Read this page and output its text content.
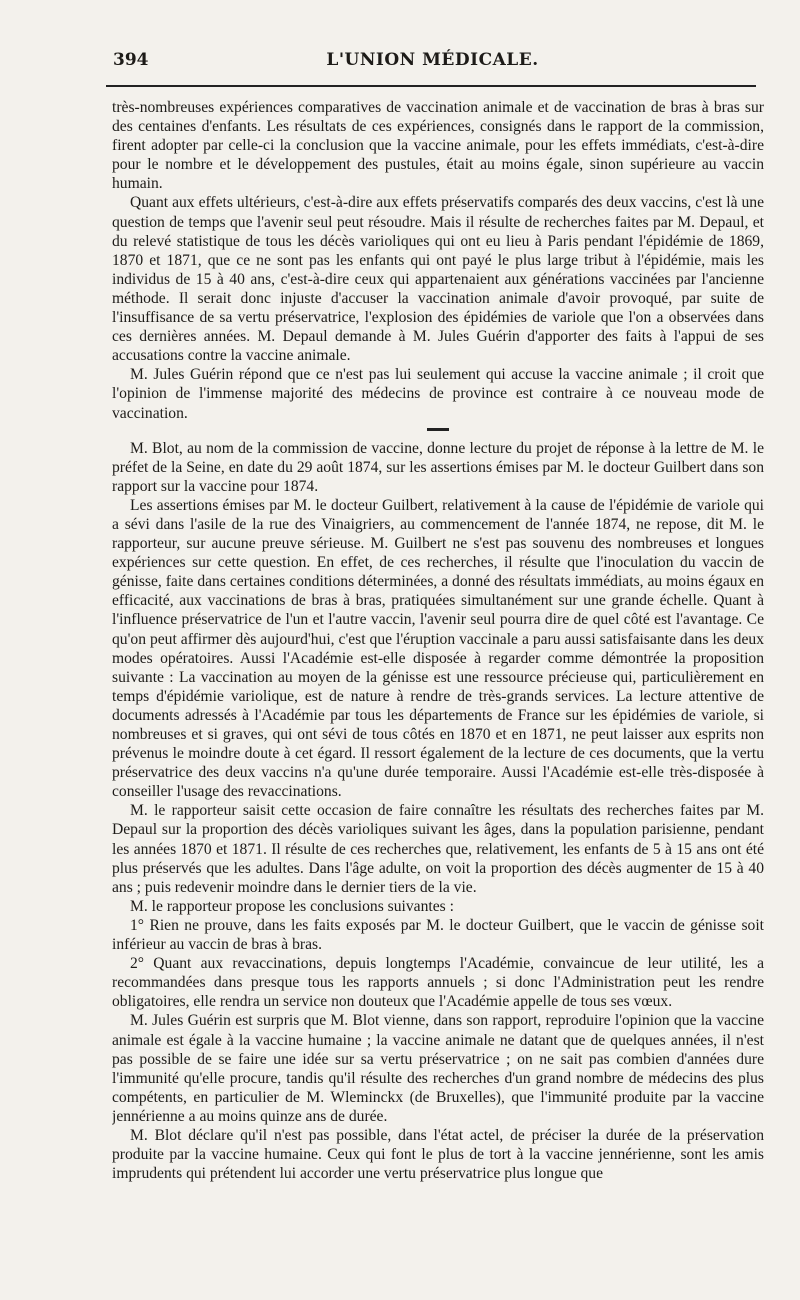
394	L'UNION MÉDICALE.

très-nombreuses expériences comparatives de vaccination animale et de vaccination de bras à bras sur des centaines d'enfants. Les résultats de ces expériences, consignés dans le rapport de la commission, firent adopter par celle-ci la conclusion que la vaccine animale, pour les effets immédiats, c'est-à-dire pour le nombre et le développement des pustules, était au moins égale, sinon supérieure au vaccin humain.

Quant aux effets ultérieurs, c'est-à-dire aux effets préservatifs comparés des deux vaccins, c'est là une question de temps que l'avenir seul peut résoudre. Mais il résulte de recherches faites par M. Depaul, et du relevé statistique de tous les décès varioliques qui ont eu lieu à Paris pendant l'épidémie de 1869, 1870 et 1871, que ce ne sont pas les enfants qui ont payé le plus large tribut à l'épidémie, mais les individus de 15 à 40 ans, c'est-à-dire ceux qui appartenaient aux générations vaccinées par l'ancienne méthode. Il serait donc injuste d'accuser la vaccination animale d'avoir provoqué, par suite de l'insuffisance de sa vertu préservatrice, l'explosion des épidémies de variole que l'on a observées dans ces dernières années. M. Depaul demande à M. Jules Guérin d'apporter des faits à l'appui de ses accusations contre la vaccine animale.

M. Jules Guérin répond que ce n'est pas lui seulement qui accuse la vaccine animale ; il croit que l'opinion de l'immense majorité des médecins de province est contraire à ce nouveau mode de vaccination.

M. Blot, au nom de la commission de vaccine, donne lecture du projet de réponse à la lettre de M. le préfet de la Seine, en date du 29 août 1874, sur les assertions émises par M. le docteur Guilbert dans son rapport sur la vaccine pour 1874.

Les assertions émises par M. le docteur Guilbert, relativement à la cause de l'épidémie de variole qui a sévi dans l'asile de la rue des Vinaigriers, au commencement de l'année 1874, ne repose, dit M. le rapporteur, sur aucune preuve sérieuse. M. Guilbert ne s'est pas souvenu des nombreuses et longues expériences sur cette question. En effet, de ces recherches, il résulte que l'inoculation du vaccin de génisse, faite dans certaines conditions déterminées, a donné des résultats immédiats, au moins égaux en efficacité, aux vaccinations de bras à bras, pratiquées simultanément sur une grande échelle. Quant à l'influence préservatrice de l'un et l'autre vaccin, l'avenir seul pourra dire de quel côté est l'avantage. Ce qu'on peut affirmer dès aujourd'hui, c'est que l'éruption vaccinale a paru aussi satisfaisante dans les deux modes opératoires. Aussi l'Académie est-elle disposée à regarder comme démontrée la proposition suivante : La vaccination au moyen de la génisse est une ressource précieuse qui, particulièrement en temps d'épidémie variolique, est de nature à rendre de très-grands services. La lecture attentive de documents adressés à l'Académie par tous les départements de France sur les épidémies de variole, si nombreuses et si graves, qui ont sévi de tous côtés en 1870 et en 1871, ne peut laisser aux esprits non prévenus le moindre doute à cet égard. Il ressort également de la lecture de ces documents, que la vertu préservatrice des deux vaccins n'a qu'une durée temporaire. Aussi l'Académie est-elle très-disposée à conseiller l'usage des revaccinations.

M. le rapporteur saisit cette occasion de faire connaître les résultats des recherches faites par M. Depaul sur la proportion des décès varioliques suivant les âges, dans la population parisienne, pendant les années 1870 et 1871. Il résulte de ces recherches que, relativement, les enfants de 5 à 15 ans ont été plus préservés que les adultes. Dans l'âge adulte, on voit la proportion des décès augmenter de 15 à 40 ans ; puis redevenir moindre dans le dernier tiers de la vie.

M. le rapporteur propose les conclusions suivantes :

1° Rien ne prouve, dans les faits exposés par M. le docteur Guilbert, que le vaccin de génisse soit inférieur au vaccin de bras à bras.

2° Quant aux revaccinations, depuis longtemps l'Académie, convaincue de leur utilité, les a recommandées dans presque tous les rapports annuels ; si donc l'Administration peut les rendre obligatoires, elle rendra un service non douteux que l'Académie appelle de tous ses vœux.

M. Jules Guérin est surpris que M. Blot vienne, dans son rapport, reproduire l'opinion que la vaccine animale est égale à la vaccine humaine ; la vaccine animale ne datant que de quelques années, il n'est pas possible de se faire une idée sur sa vertu préservatrice ; on ne sait pas combien d'années dure l'immunité qu'elle procure, tandis qu'il résulte des recherches d'un grand nombre de médecins des plus compétents, en particulier de M. Wleminckx (de Bruxelles), que l'immunité produite par la vaccine jennérienne a au moins quinze ans de durée.

M. Blot déclare qu'il n'est pas possible, dans l'état actel, de préciser la durée de la préservation produite par la vaccine humaine. Ceux qui font le plus de tort à la vaccine jennérienne, sont les amis imprudents qui prétendent lui accorder une vertu préservatrice plus longue que
